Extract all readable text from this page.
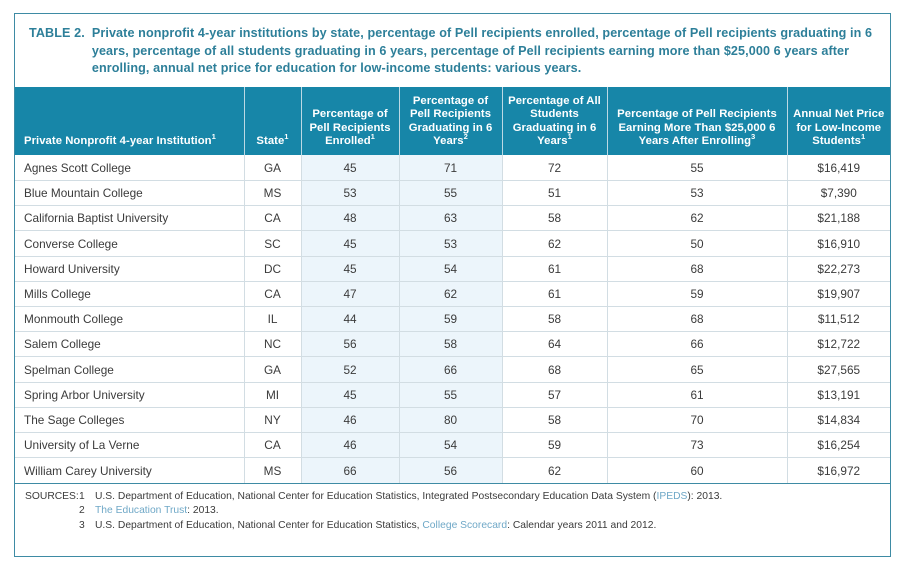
TABLE 2. Private nonprofit 4-year institutions by state, percentage of Pell recipients enrolled, percentage of Pell recipients graduating in 6 years, percentage of all students graduating in 6 years, percentage of Pell recipients earning more than $25,000 6 years after enrolling, annual net price for education for low-income students: various years.
Private Nonprofit 4-year Institution$^1$	State$^1$	Percentage of Pell Recipients Enrolled$^1$	Percentage of Pell Recipients Graduating in 6 Years$^2$	Percentage of All Students Graduating in 6 Years$^1$	Percentage of Pell Recipients Earning More Than $25,000 6 Years After Enrolling$^3$	Annual Net Price for Low-Income Students$^1$
Agnes Scott College	GA	45	71	72	55	$16,419
Blue Mountain College	MS	53	55	51	53	$7,390
California Baptist University	CA	48	63	58	62	$21,188
Converse College	SC	45	53	62	50	$16,910
Howard University	DC	45	54	61	68	$22,273
Mills College	CA	47	62	61	59	$19,907
Monmouth College	IL	44	59	58	68	$11,512
Salem College	NC	56	58	64	66	$12,722
Spelman College	GA	52	66	68	65	$27,565
Spring Arbor University	MI	45	55	57	61	$13,191
The Sage Colleges	NY	46	80	58	70	$14,834
University of La Verne	CA	46	54	59	73	$16,254
William Carey University	MS	66	56	62	60	$16,972
SOURCES: 1 U.S. Department of Education, National Center for Education Statistics, Integrated Postsecondary Education Data System (IPEDS): 2013.

2 The Education Trust: 2013.

3 U.S. Department of Education, National Center for Education Statistics, College Scorecard: Calendar years 2011 and 2012.
